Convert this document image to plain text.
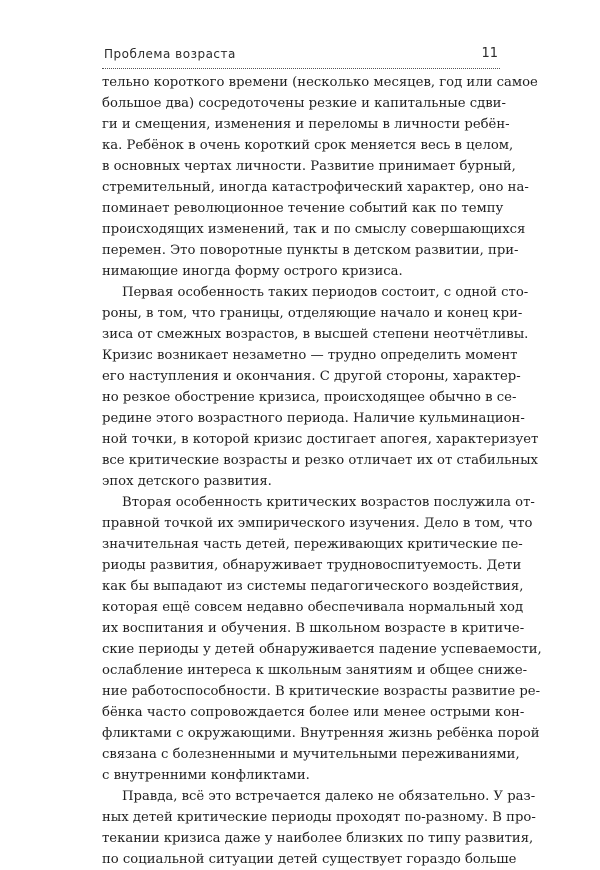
Проблема возраста	11
тельно короткого времени (несколько месяцев, год или самое
большое два) сосредоточены резкие и капитальные сдви-
ги и смещения, изменения и переломы в личности ребён-
ка. Ребёнок в очень короткий срок меняется весь в целом,
в основных чертах личности. Развитие принимает бурный,
стремительный, иногда катастрофический характер, оно на-
поминает революционное течение событий как по темпу
происходящих изменений, так и по смыслу совершающихся
перемен. Это поворотные пункты в детском развитии, при-
нимающие иногда форму острого кризиса.
Первая особенность таких периодов состоит, с одной сто-
роны, в том, что границы, отделяющие начало и конец кри-
зиса от смежных возрастов, в высшей степени неотчётливы.
Кризис возникает незаметно — трудно определить момент
его наступления и окончания. С другой стороны, характер-
но резкое обострение кризиса, происходящее обычно в се-
редине этого возрастного периода. Наличие кульминацион-
ной точки, в которой кризис достигает апогея, характеризует
все критические возрасты и резко отличает их от стабильных
эпох детского развития.
Вторая особенность критических возрастов послужила от-
правной точкой их эмпирического изучения. Дело в том, что
значительная часть детей, переживающих критические пе-
риоды развития, обнаруживает трудновоспитуемость. Дети
как бы выпадают из системы педагогического воздействия,
которая ещё совсем недавно обеспечивала нормальный ход
их воспитания и обучения. В школьном возрасте в критиче-
ские периоды у детей обнаруживается падение успеваемости,
ослабление интереса к школьным занятиям и общее сниже-
ние работоспособности. В критические возрасты развитие ре-
бёнка часто сопровождается более или менее острыми кон-
фликтами с окружающими. Внутренняя жизнь ребёнка порой
связана с болезненными и мучительными переживаниями,
с внутренними конфликтами.
Правда, всё это встречается далеко не обязательно. У раз-
ных детей критические периоды проходят по-разному. В про-
текании кризиса даже у наиболее близких по типу развития,
по социальной ситуации детей существует гораздо больше
